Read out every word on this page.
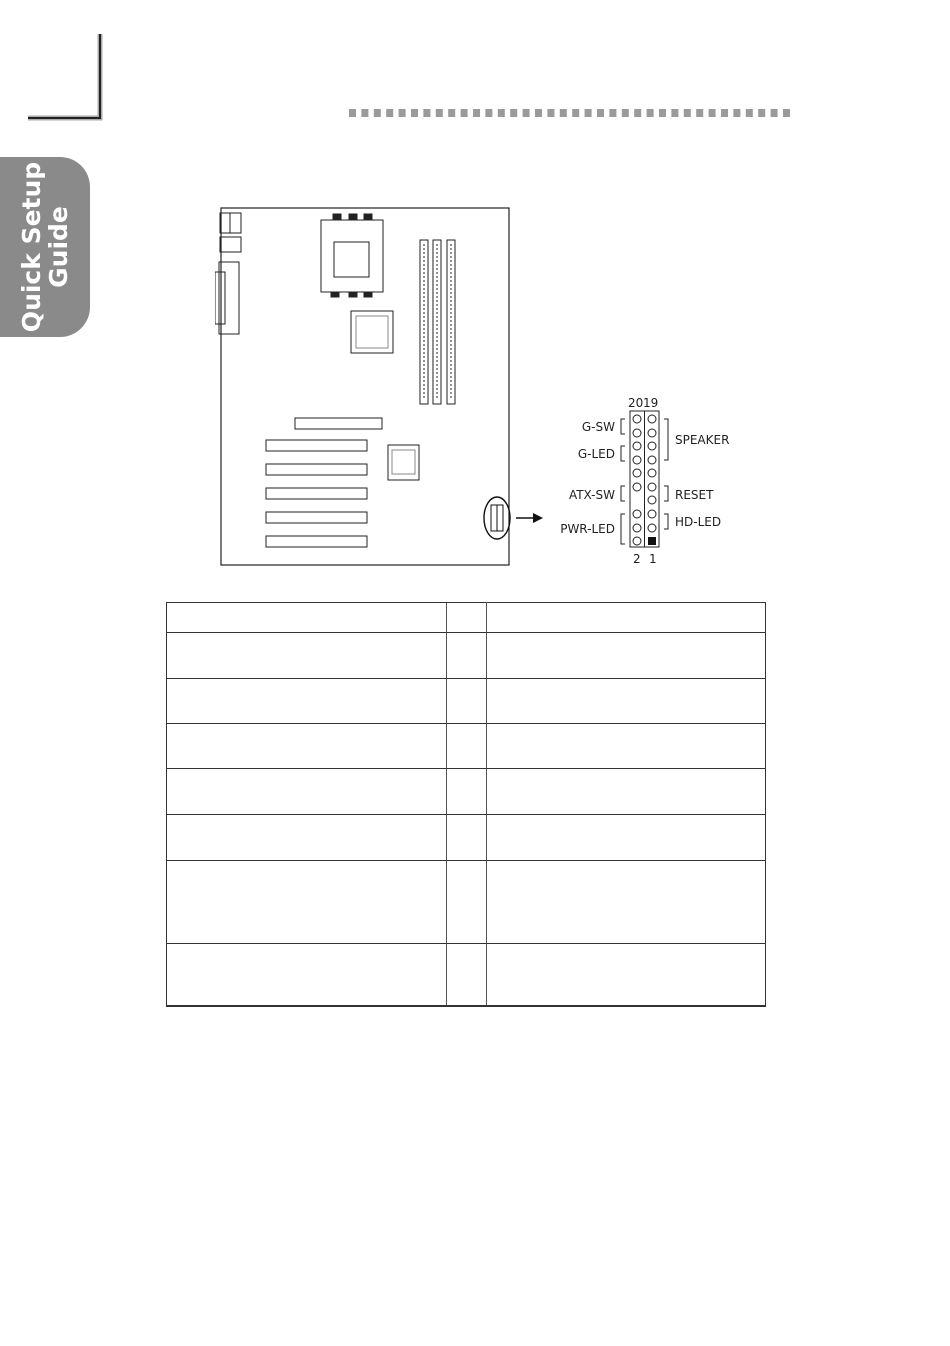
Quick Setup
Guide
20 19
2 1
G-SW
G-LED
ATX-SW
PWR-LED
SPEAKER
RESET
HD-LED
